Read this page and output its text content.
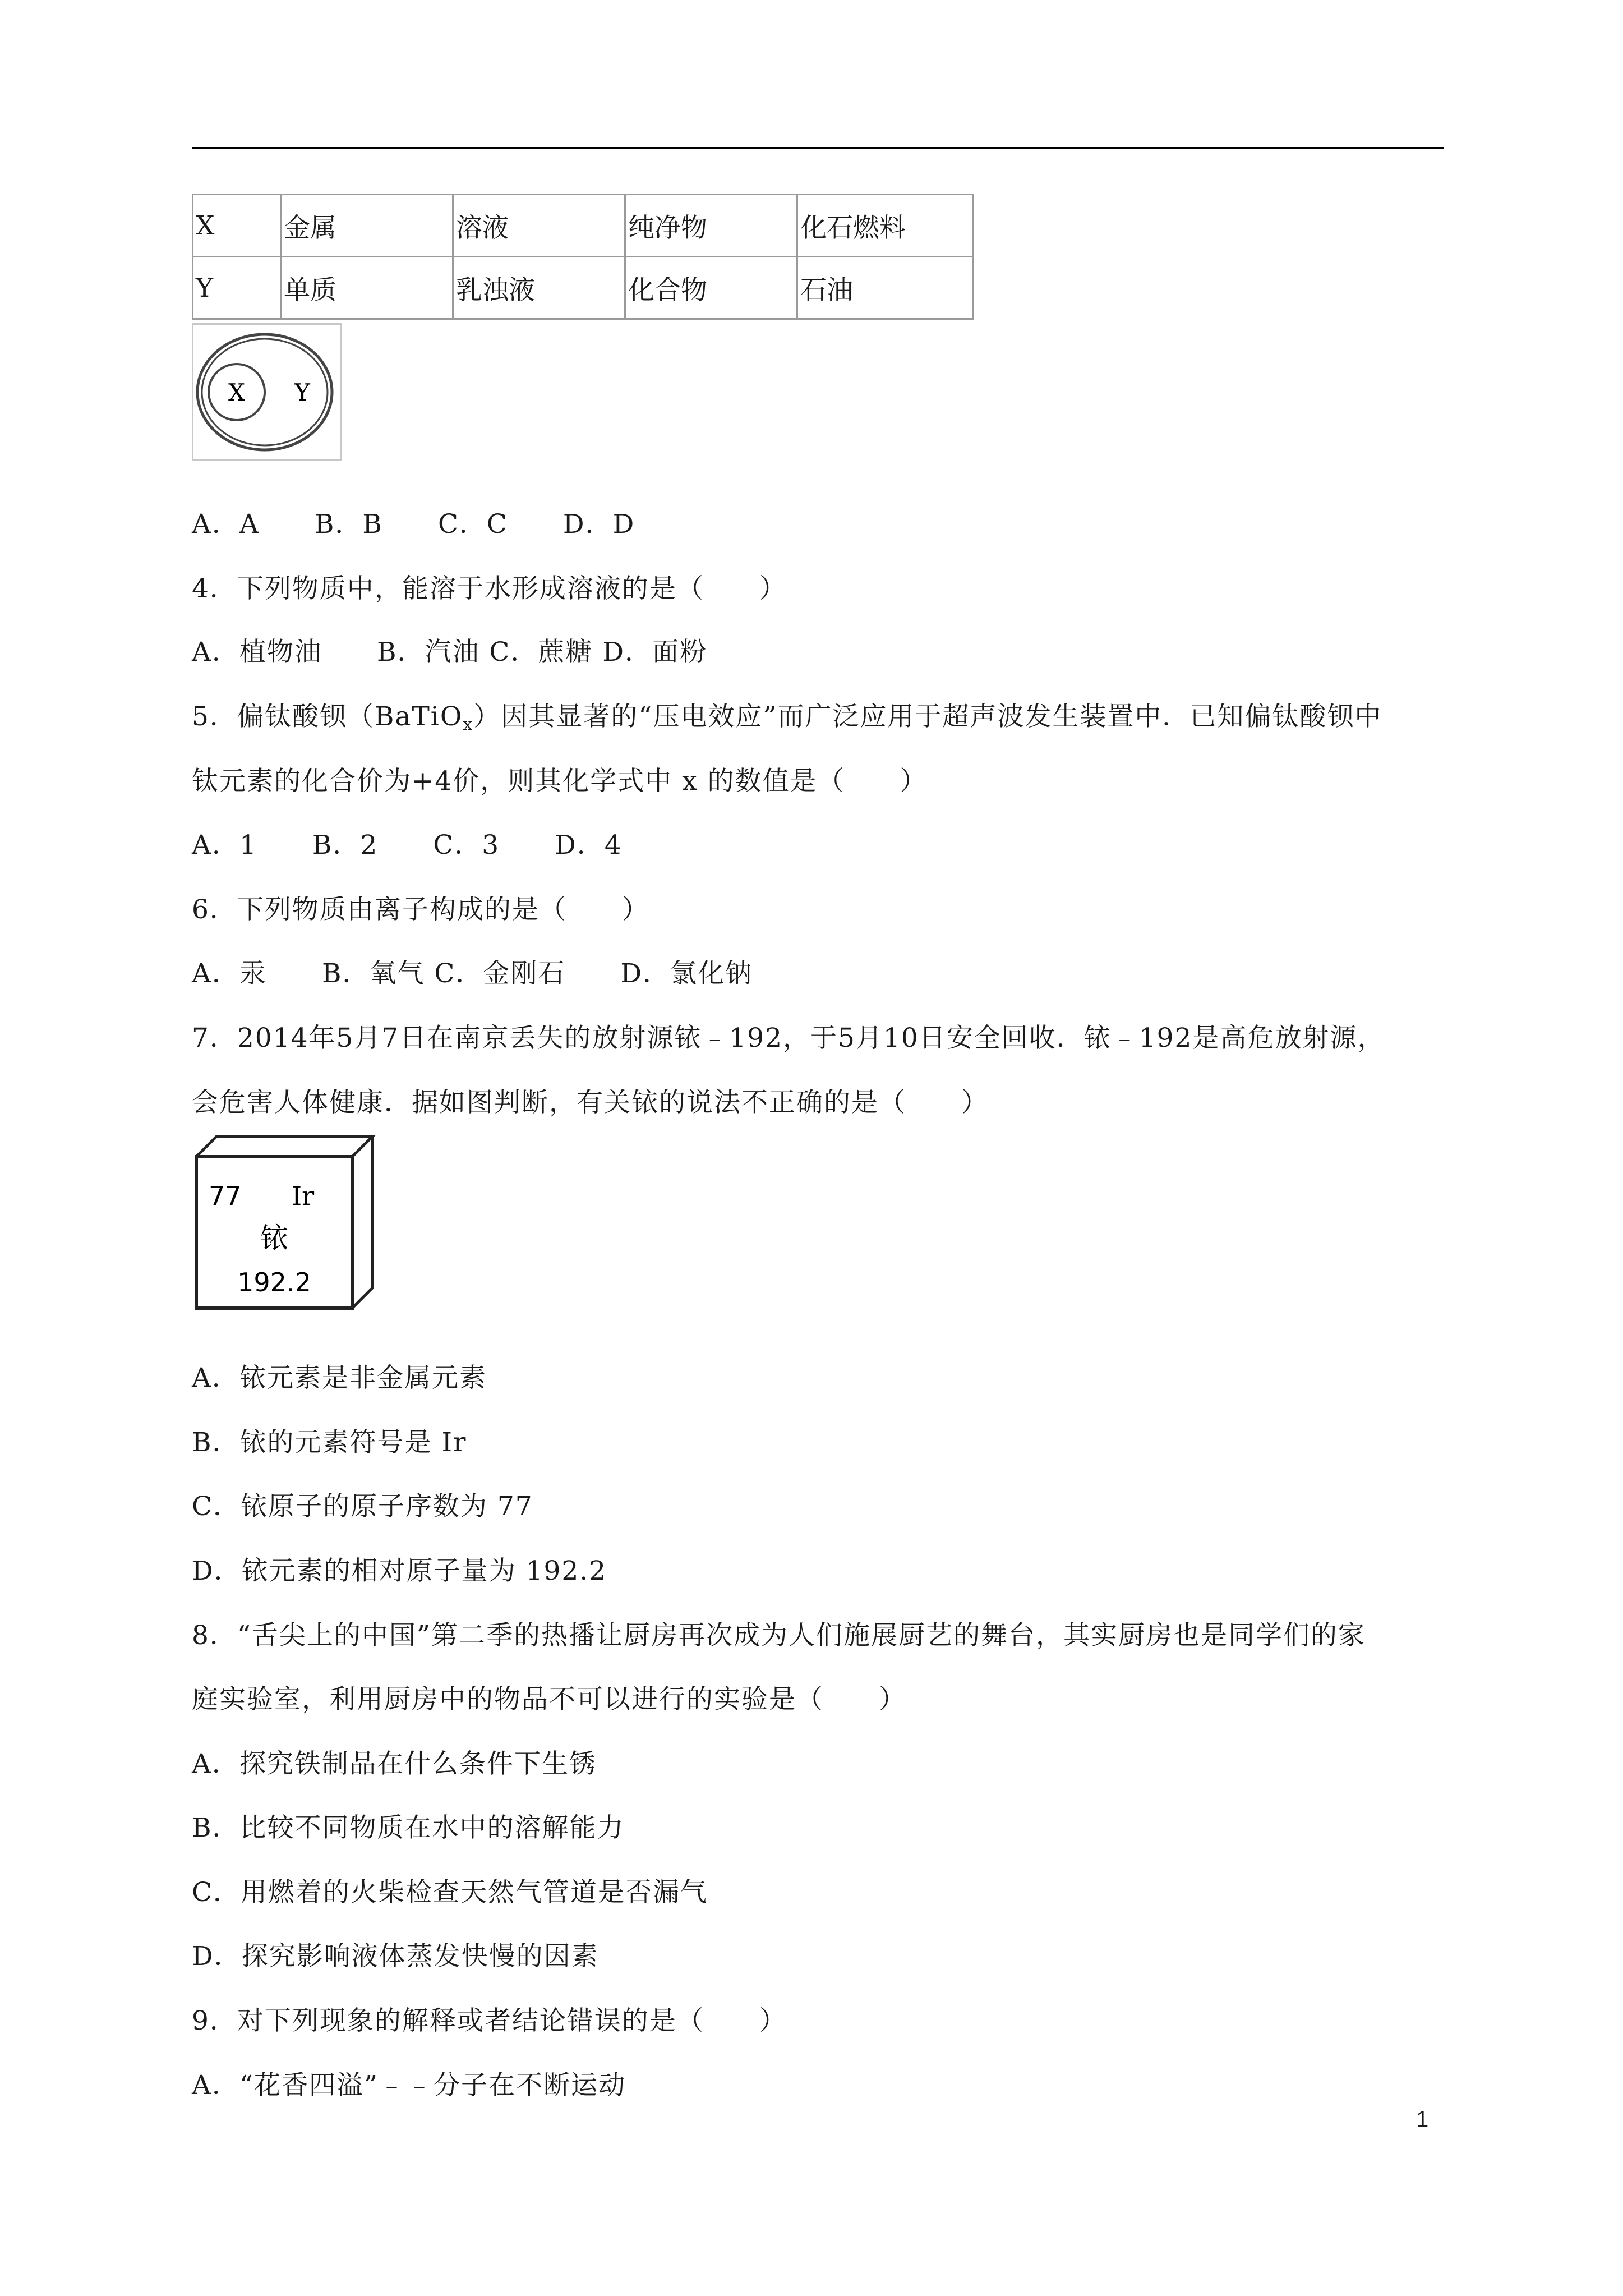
X	金属	溶液	纯净物	化石燃料
Y	单质	乳浊液	化合物	石油
X Y
A．A　　B．B　　C．C　　D．D
4．下列物质中，能溶于水形成溶液的是（　　）
A．植物油　　B．汽油 C．蔗糖 D．面粉
5．偏钛酸钡（BaTiO$_x$）因其显著的“压电效应”而广泛应用于超声波发生装置中．已知偏钛酸钡中
钛元素的化合价为+4价，则其化学式中 x 的数值是（　　）
A．1　　B．2　　C．3　　D．4
6．下列物质由离子构成的是（　　）
A．汞　　B．氧气 C．金刚石　　D．氯化钠
7．2014年5月7日在南京丢失的放射源铱﹣192，于5月10日安全回收．铱﹣192是高危放射源，
会危害人体健康．据如图判断，有关铱的说法不正确的是（　　）
77 Ir
铱
192.2
A．铱元素是非金属元素
B．铱的元素符号是 Ir
C．铱原子的原子序数为 77
D．铱元素的相对原子量为 192.2
8．“舌尖上的中国”第二季的热播让厨房再次成为人们施展厨艺的舞台，其实厨房也是同学们的家
庭实验室，利用厨房中的物品不可以进行的实验是（　　）
A．探究铁制品在什么条件下生锈
B．比较不同物质在水中的溶解能力
C．用燃着的火柴检查天然气管道是否漏气
D．探究影响液体蒸发快慢的因素
9．对下列现象的解释或者结论错误的是（　　）
A．“花香四溢”﹣﹣分子在不断运动
1
